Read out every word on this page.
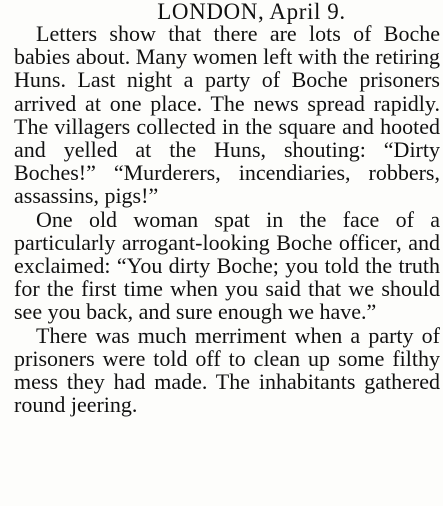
LONDON, April 9.

Letters show that there are lots of Boche babies about. Many women left with the retiring Huns. Last night a party of Boche prisoners arrived at one place. The news spread rapidly. The villagers collected in the square and hooted and yelled at the Huns, shouting: “Dirty Boches!” “Murderers, incendiaries, robbers, assassins, pigs!”

One old woman spat in the face of a particularly arrogant-looking Boche officer, and exclaimed: “You dirty Boche; you told the truth for the first time when you said that we should see you back, and sure enough we have.”

There was much merriment when a party of prisoners were told off to clean up some filthy mess they had made. The inhabitants gathered round jeering.
